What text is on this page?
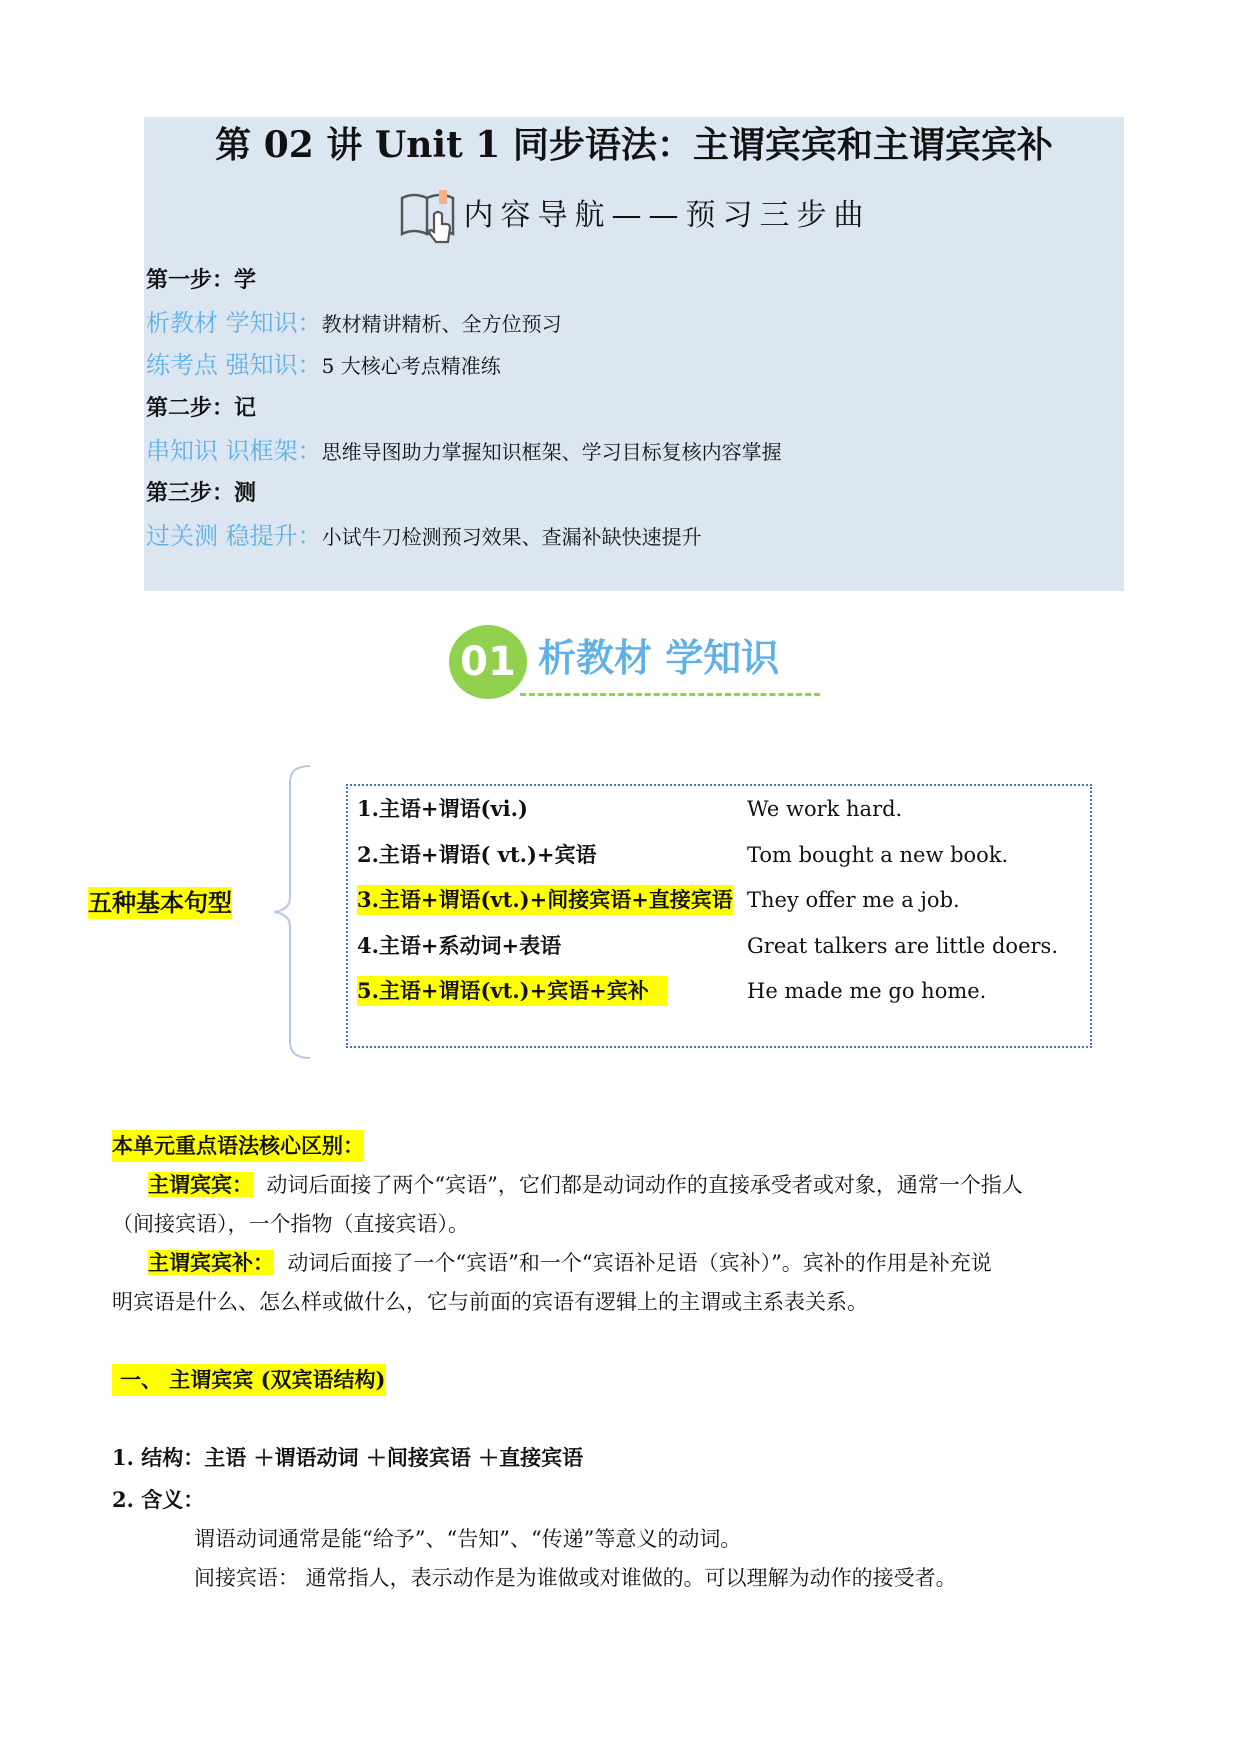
第 02 讲 Unit 1 同步语法：主谓宾宾和主谓宾宾补
内容导航——预习三步曲
第一步：学
析教材 学知识：教材精讲精析、全方位预习
练考点 强知识：5 大核心考点精准练
第二步：记
串知识 识框架：思维导图助力掌握知识框架、学习目标复核内容掌握
第三步：测
过关测 稳提升：小试牛刀检测预习效果、查漏补缺快速提升
01 析教材 学知识
五种基本句型
1.主语+谓语(vi.)	We work hard.
2.主语+谓语( vt.)+宾语	Tom bought a new book.
3.主语+谓语(vt.)+间接宾语+直接宾语 They offer me a job.
4.主语+系动词+表语	Great talkers are little doers.
5.主语+谓语(vt.)+宾语+宾补	He made me go home.
本单元重点语法核心区别：
主谓宾宾： 动词后面接了两个“宾语”，它们都是动词动作的直接承受者或对象，通常一个指人
（间接宾语），一个指物（直接宾语）。
主谓宾宾补： 动词后面接了一个“宾语”和一个“宾语补足语（宾补）”。宾补的作用是补充说
明宾语是什么、怎么样或做什么，它与前面的宾语有逻辑上的主谓或主系表关系。
一、 主谓宾宾 (双宾语结构)
1. 结构：主语 ＋谓语动词 ＋间接宾语 ＋直接宾语
2. 含义：
谓语动词通常是能“给予”、“告知”、“传递”等意义的动词。
间接宾语： 通常指人，表示动作是为谁做或对谁做的。可以理解为动作的接受者。
